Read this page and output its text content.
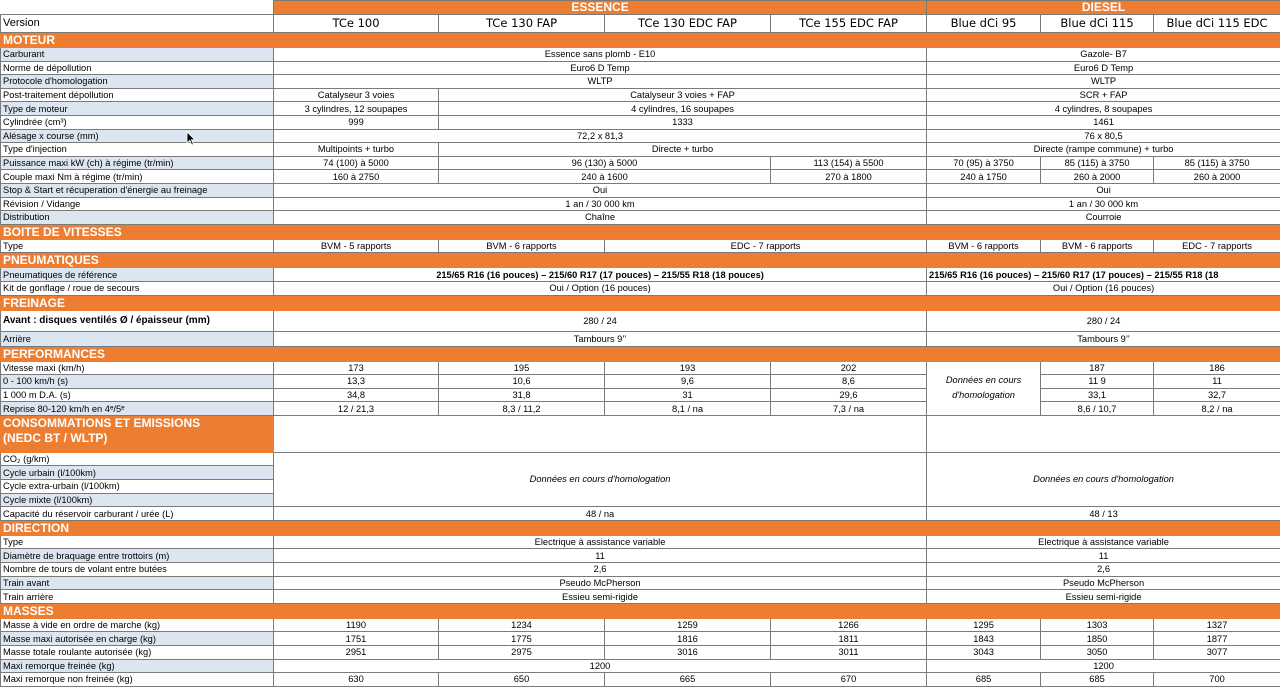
	ESSENCE				DIESEL		
Version	TCe 100	TCe 130 FAP	TCe 130 EDC FAP	TCe 155 EDC FAP	Blue dCi 95	Blue dCi 115	Blue dCi 115 EDC
MOTEUR							
Carburant	Essence sans plomb - E10				Gazole- B7		
Norme de dépollution	Euro6 D Temp				Euro6 D Temp		
Protocole d'homologation	WLTP				WLTP		
Post-traitement dépollution	Catalyseur 3 voies	Catalyseur 3 voies + FAP			SCR + FAP		
Type de moteur	3 cylindres, 12 soupapes	4 cylindres, 16 soupapes			4 cylindres, 8 soupapes		
Cylindrée (cm³)	999	1333			1461		
Alésage x course (mm)	72,2 x 81,3				76 x 80,5		
Type d'injection	Multipoints + turbo	Directe + turbo			Directe (rampe commune) + turbo		
Puissance maxi kW (ch) à régime (tr/min)	74 (100) à 5000	96 (130) à 5000		113 (154) à 5500	70 (95) à 3750	85 (115) à 3750	85 (115) à 3750
Couple maxi Nm à régime (tr/min)	160 à 2750	240 à 1600		270 à 1800	240 à 1750	260 à 2000	260 à 2000
Stop & Start et récuperation d'énergie au freinage	Oui				Oui		
Révision / Vidange	1 an / 30 000 km				1 an / 30 000 km		
Distribution	Chaîne				Courroie		
BOITE DE VITESSES							
Type	BVM - 5 rapports	BVM - 6 rapports	EDC - 7 rapports		BVM - 6 rapports	BVM - 6 rapports	EDC - 7 rapports
PNEUMATIQUES							
Pneumatiques de référence	215/65 R16 (16 pouces) – 215/60 R17 (17 pouces) – 215/55 R18 (18 pouces)				215/65 R16 (16 pouces) – 215/60 R17 (17 pouces) – 215/55 R18 (18		
Kit de gonflage / roue de secours	Oui / Option (16 pouces)				Oui / Option (16 pouces)		
FREINAGE							
Avant : disques ventilés Ø / épaisseur (mm)	280 / 24				280 / 24		
Arrière	Tambours 9’’				Tambours 9’’		
PERFORMANCES							
Vitesse maxi (km/h)	173	195	193	202	Données en cours d'homologation	187	186
0 - 100 km/h (s)	13,3	10,6	9,6	8,6		11 9	11
1 000 m D.A. (s)	34,8	31,8	31	29,6		33,1	32,7
Reprise 80-120 km/h en 4ᵉ/5ᵉ	12 / 21,3	8,3 / 11,2	8,1 / na	7,3 / na		8,6 / 10,7	8,2 / na
CONSOMMATIONS ET EMISSIONS
(NEDC BT / WLTP)							
CO₂ (g/km)	Données en cours d'homologation				Données en cours d'homologation		
Cycle urbain (l/100km)							
Cycle extra-urbain (l/100km)							
Cycle mixte (l/100km)							
Capacité du réservoir carburant / urée (L)	48 / na				48 / 13		
DIRECTION							
Type	Electrique à assistance variable				Electrique à assistance variable		
Diamètre de braquage entre trottoirs (m)	11				11		
Nombre de tours de volant entre butées	2,6				2,6		
Train avant	Pseudo McPherson				Pseudo McPherson		
Train arrière	Essieu semi-rigide				Essieu semi-rigide		
MASSES							
Masse à vide en ordre de marche (kg)	1190	1234	1259	1266	1295	1303	1327
Masse maxi autorisée en charge (kg)	1751	1775	1816	1811	1843	1850	1877
Masse totale roulante autorisée (kg)	2951	2975	3016	3011	3043	3050	3077
Maxi remorque freinée (kg)	1200				1200		
Maxi remorque non freinée (kg)	630	650	665	670	685	685	700
